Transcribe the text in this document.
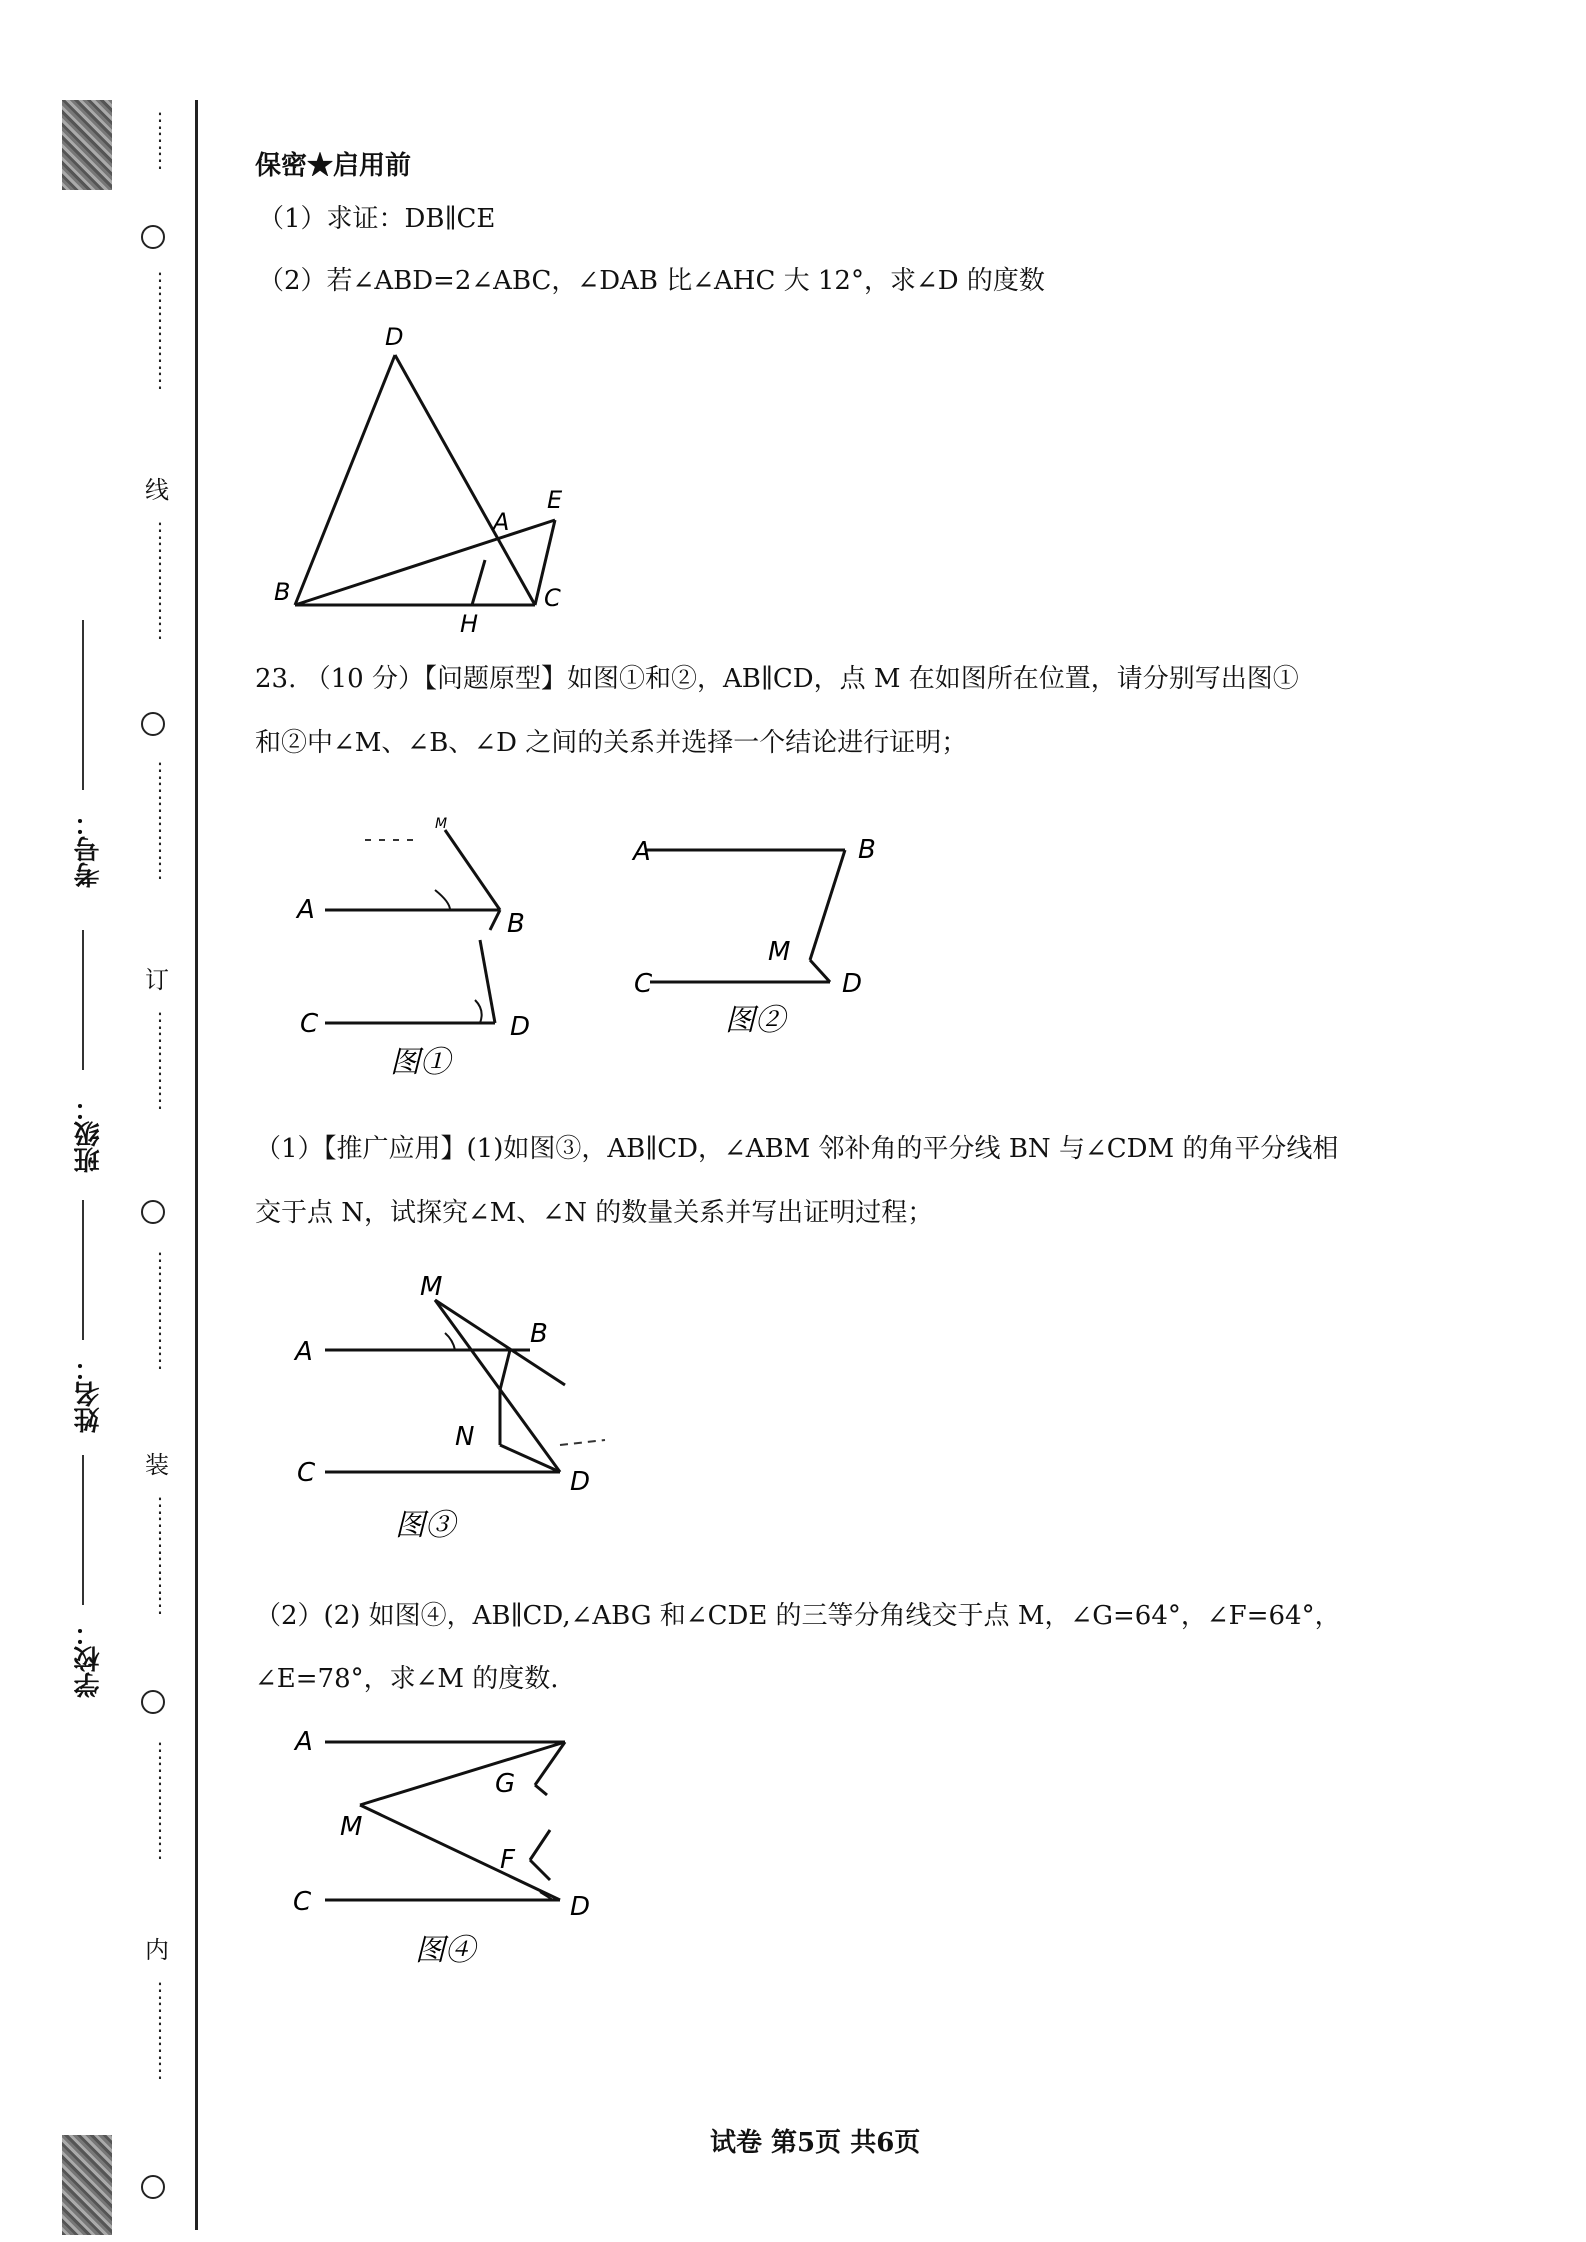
⋮
⋮
⋮
⋮
⋮
⋮
⋮
⋮
⋮
线
⋮
⋮
⋮
⋮
⋮
⋮
⋮
⋮
⋮
⋮
⋮
⋮
订
⋮
⋮
⋮
⋮
⋮
⋮
⋮
⋮
⋮
⋮
⋮
装
⋮
⋮
⋮
⋮
⋮
⋮
⋮
⋮
⋮
⋮
⋮
⋮
内
⋮
⋮
⋮
⋮
⋮
考号：
班级：
姓名：
学校：
保密★启用前
（1）求证：DB∥CE
（2）若∠ABD=2∠ABC，∠DAB 比∠AHC 大 12°，求∠D 的度数
D
A
E
B	C
H
23. （10 分）【问题原型】如图①和②，AB∥CD，点 M 在如图所在位置，请分别写出图①
和②中∠M、∠B、∠D 之间的关系并选择一个结论进行证明；
M
A	B
C	D
图①
A	B
M
C	D
图②
（1）【推广应用】(1)如图③，AB∥CD，∠ABM 邻补角的平分线 BN 与∠CDM 的角平分线相
交于点 N，试探究∠M、∠N 的数量关系并写出证明过程；
M
A
B
N
C	D
图③
（2）(2) 如图④，AB∥CD,∠ABG 和∠CDE 的三等分角线交于点 M，∠G=64°，∠F=64°，
∠E=78°，求∠M 的度数.
A
G
M
F
C	D
图④
试卷 第5页 共6页
